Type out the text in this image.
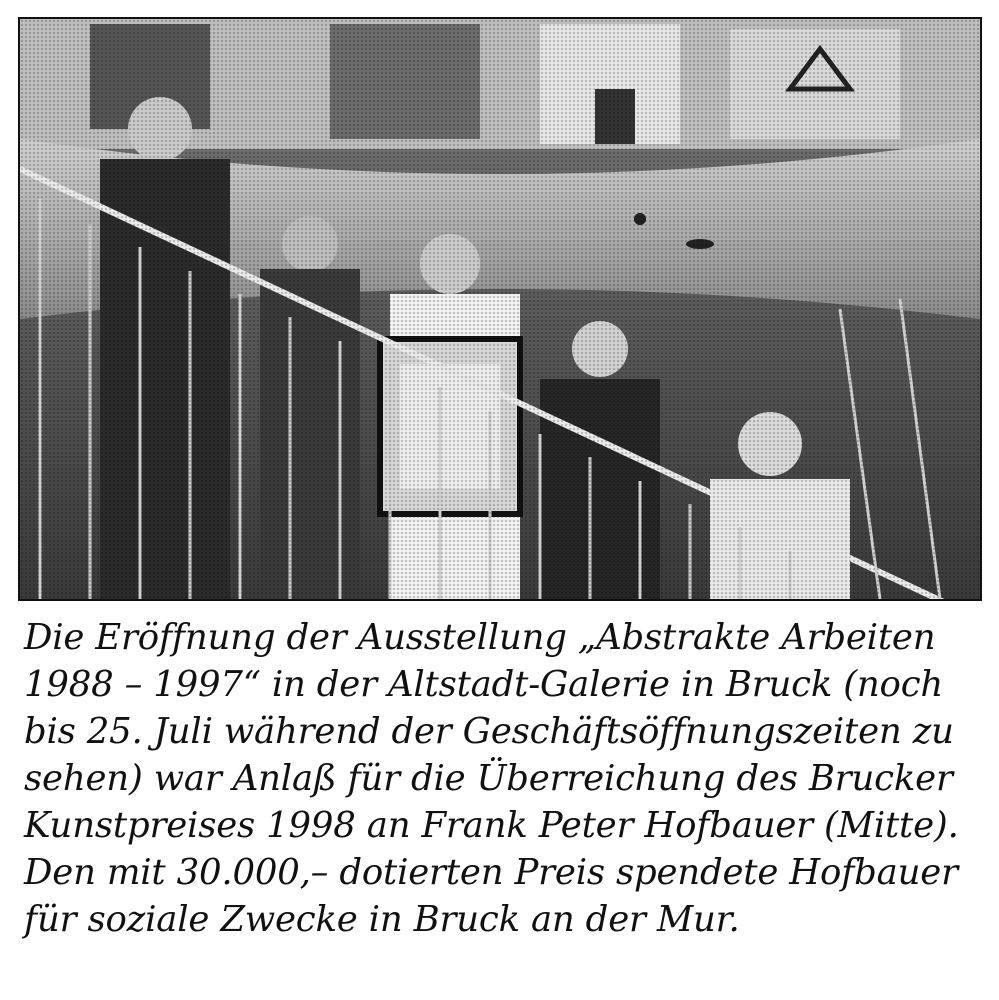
Die Eröffnung der Ausstellung „Abstrakte Arbeiten
1988 – 1997“ in der Altstadt-Galerie in Bruck (noch
bis 25. Juli während der Geschäftsöffnungszeiten zu
sehen) war Anlaß für die Überreichung des Brucker
Kunstpreises 1998 an Frank Peter Hofbauer (Mitte).
Den mit 30.000,– dotierten Preis spendete Hofbauer
für soziale Zwecke in Bruck an der Mur.
